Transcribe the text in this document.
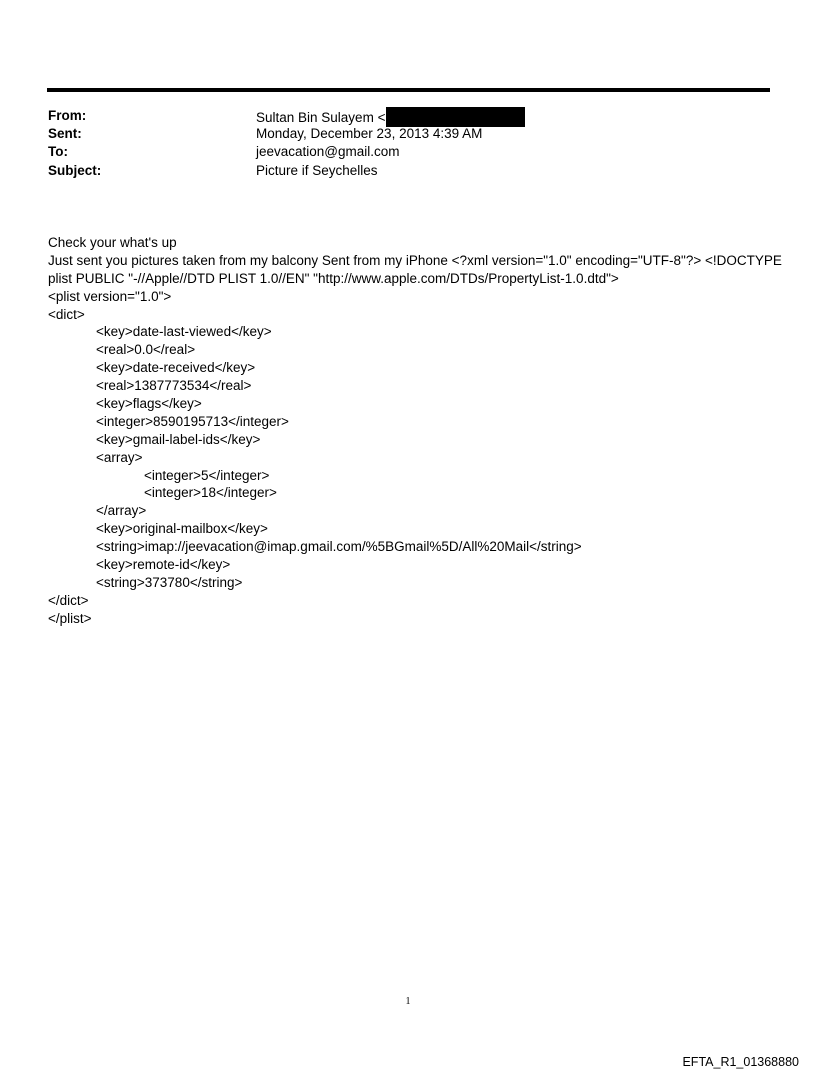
From:	Sultan Bin Sulayem <
Sent:	Monday, December 23, 2013 4:39 AM
To:	jeevacation@gmail.com
Subject:	Picture if Seychelles
Check your what's up
Just sent you pictures taken from my balcony Sent from my iPhone <?xml version="1.0" encoding="UTF-8"?> <!DOCTYPE
plist PUBLIC "-//Apple//DTD PLIST 1.0//EN" "http://www.apple.com/DTDs/PropertyList-1.0.dtd">
<plist version="1.0">
<dict>
<key>date-last-viewed</key>
<real>0.0</real>
<key>date-received</key>
<real>1387773534</real>
<key>flags</key>
<integer>8590195713</integer>
<key>gmail-label-ids</key>
<array>
<integer>5</integer>
<integer>18</integer>
</array>
<key>original-mailbox</key>
<string>imap://jeevacation@imap.gmail.com/%5BGmail%5D/All%20Mail</string>
<key>remote-id</key>
<string>373780</string>
</dict>
</plist>
1
EFTA_R1_01368880
